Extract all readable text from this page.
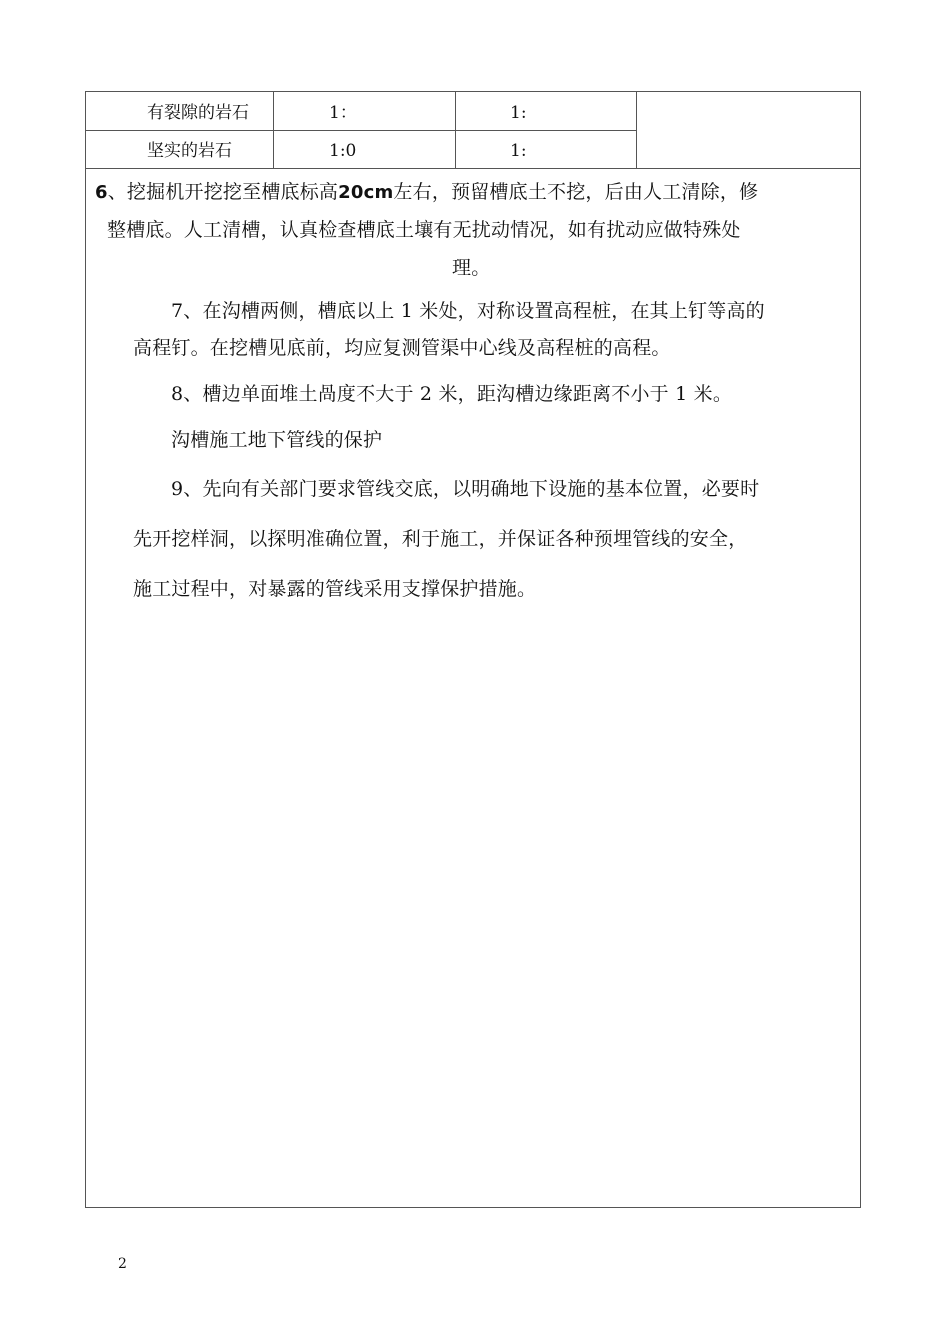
有裂隙的岩石	1：	1:
坚实的岩石	1:0	1:
6、挖掘机开挖挖至槽底标高20cm左右，预留槽底土不挖，后由人工清除，修
整槽底。人工清槽，认真检查槽底土壤有无扰动情况，如有扰动应做特殊处
理。
7、在沟槽两侧，槽底以上 1 米处，对称设置高程桩，在其上钉等高的
高程钉。在挖槽见底前，均应复测管渠中心线及高程桩的高程。
8、槽边单面堆土咼度不大于 2 米，距沟槽边缘距离不小于 1 米。
沟槽施工地下管线的保护
9、先向有关部门要求管线交底，以明确地下设施的基本位置，必要时
先开挖样洞，以探明准确位置，利于施工，并保证各种预埋管线的安全，
施工过程中，对暴露的管线采用支撑保护措施。
2
